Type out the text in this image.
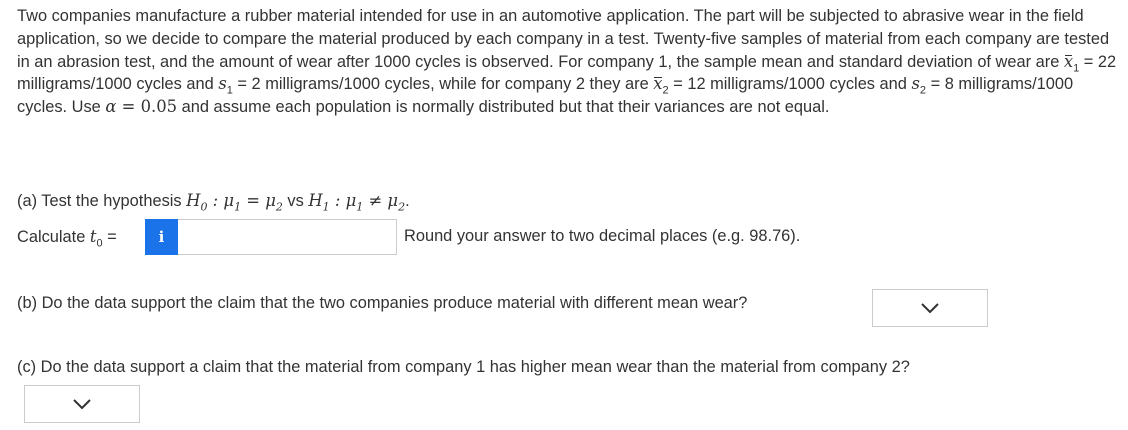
Two companies manufacture a rubber material intended for use in an automotive application. The part will be subjected to abrasive wear in the field application, so we decide to compare the material produced by each company in a test. Twenty-five samples of material from each company are tested in an abrasion test, and the amount of wear after 1000 cycles is observed. For company 1, the sample mean and standard deviation of wear are $x_1 = 22$ milligrams/1000 cycles and $s_1 = 2$ milligrams/1000 cycles, while for company 2 they are $x_2 = 12$ milligrams/1000 cycles and $s_2 = 8$ milligrams/1000 cycles. Use α = 0.05 and assume each population is normally distributed but that their variances are not equal.
(a) Test the hypothesis $H_0$ : $\mu_1 = \mu_2$ vs $H_1$ : $\mu_1 \ne \mu_2$.
Calculate $t_0$ =	i	Round your answer to two decimal places (e.g. 98.76).
(b) Do the data support the claim that the two companies produce material with different mean wear?
(c) Do the data support a claim that the material from company 1 has higher mean wear than the material from company 2?
